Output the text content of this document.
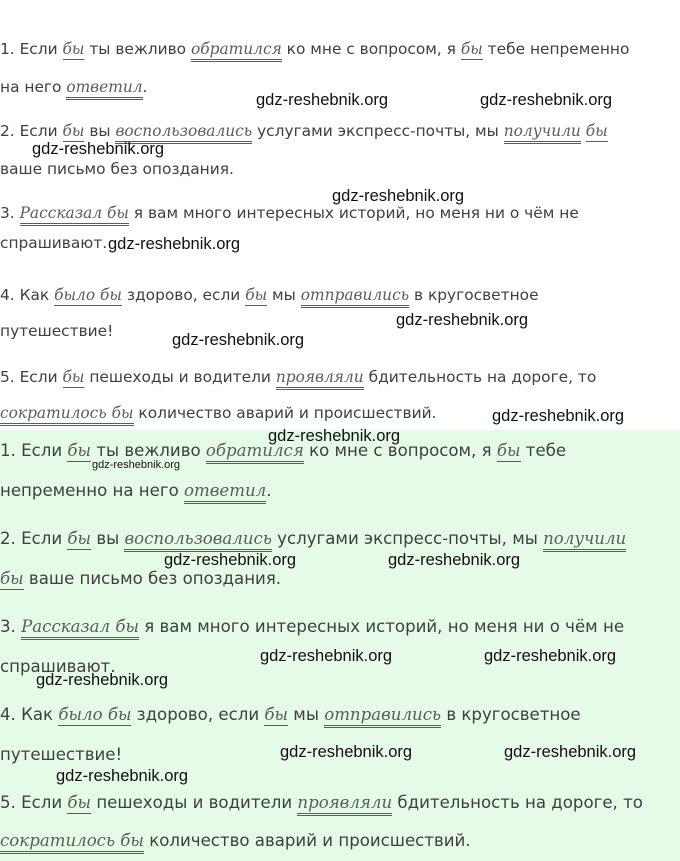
1. Если бы ты вежливо обратился ко мне с вопросом, я бы тебе непременно
на него ответил.
2. Если бы вы воспользовались услугами экспресс-почты, мы получили бы
ваше письмо без опоздания.
3. Рассказал бы я вам много интересных историй, но меня ни о чём не
спрашивают.
4. Как было бы здорово, если бы мы отправились в кругосветное
путешествие!
5. Если бы пешеходы и водители проявляли бдительность на дороге, то
сократилось бы количество аварий и происшествий.
1. Если бы ты вежливо обратился ко мне с вопросом, я бы тебе
непременно на него ответил.
2. Если бы вы воспользовались услугами экспресс-почты, мы получили
бы ваше письмо без опоздания.
3. Рассказал бы я вам много интересных историй, но меня ни о чём не
спрашивают.
4. Как было бы здорово, если бы мы отправились в кругосветное
путешествие!
5. Если бы пешеходы и водители проявляли бдительность на дороге, то
сократилось бы количество аварий и происшествий.
gdz-reshebnik.org	gdz-reshebnik.org
gdz-reshebnik.org
gdz-reshebnik.org
gdz-reshebnik.org
gdz-reshebnik.org
gdz-reshebnik.org
gdz-reshebnik.org
gdz-reshebnik.org
gdz-reshebnik.org
gdz-reshebnik.org	gdz-reshebnik.org
gdz-reshebnik.org	gdz-reshebnik.org
gdz-reshebnik.org
gdz-reshebnik.org	gdz-reshebnik.org
gdz-reshebnik.org
